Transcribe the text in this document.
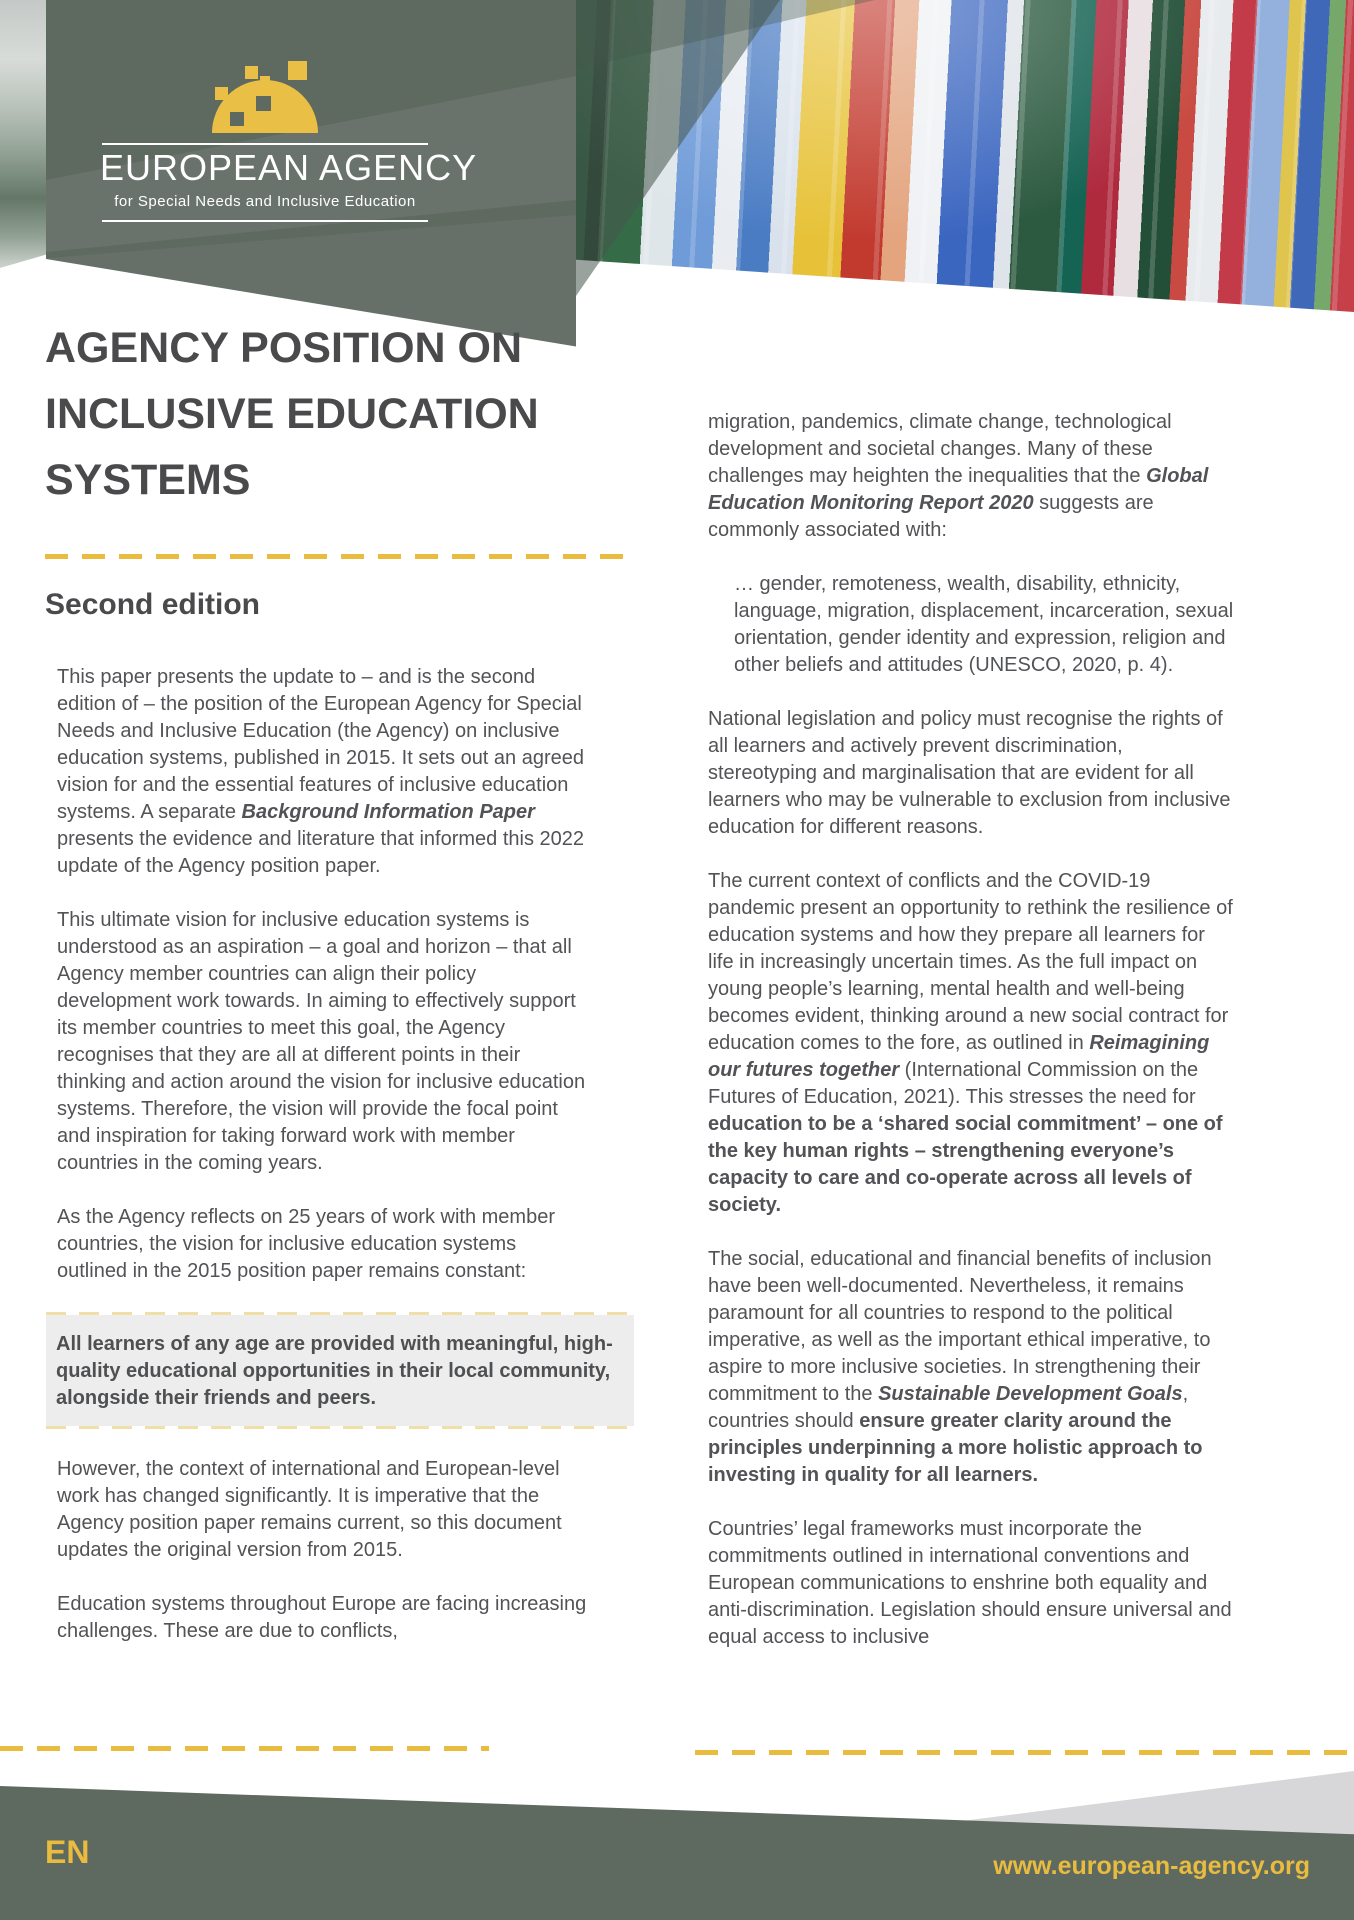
EUROPEAN AGENCY
for Special Needs and Inclusive Education
AGENCY POSITION ON
INCLUSIVE EDUCATION
SYSTEMS
Second edition

This paper presents the update to – and is the second edition of – the position of the European Agency for Special Needs and Inclusive Education (the Agency) on inclusive education systems, published in 2015. It sets out an agreed vision for and the essential features of inclusive education systems. A separate Background Information Paper presents the evidence and literature that informed this 2022 update of the Agency position paper.

This ultimate vision for inclusive education systems is understood as an aspiration – a goal and horizon – that all Agency member countries can align their policy development work towards. In aiming to effectively support its member countries to meet this goal, the Agency recognises that they are all at different points in their thinking and action around the vision for inclusive education systems. Therefore, the vision will provide the focal point and inspiration for taking forward work with member countries in the coming years.

As the Agency reflects on 25 years of work with member countries, the vision for inclusive education systems outlined in the 2015 position paper remains constant:

All learners of any age are provided with meaningful, high-quality educational opportunities in their local community, alongside their friends and peers.

However, the context of international and European-level work has changed significantly. It is imperative that the Agency position paper remains current, so this document updates the original version from 2015.

Education systems throughout Europe are facing increasing challenges. These are due to conflicts,

migration, pandemics, climate change, technological development and societal changes. Many of these challenges may heighten the inequalities that the Global Education Monitoring Report 2020 suggests are commonly associated with:

… gender, remoteness, wealth, disability, ethnicity, language, migration, displacement, incarceration, sexual orientation, gender identity and expression, religion and other beliefs and attitudes (UNESCO, 2020, p. 4).

National legislation and policy must recognise the rights of all learners and actively prevent discrimination, stereotyping and marginalisation that are evident for all learners who may be vulnerable to exclusion from inclusive education for different reasons.

The current context of conflicts and the COVID-19 pandemic present an opportunity to rethink the resilience of education systems and how they prepare all learners for life in increasingly uncertain times. As the full impact on young people’s learning, mental health and well-being becomes evident, thinking around a new social contract for education comes to the fore, as outlined in Reimagining our futures together (International Commission on the Futures of Education, 2021). This stresses the need for education to be a ‘shared social commitment’ – one of the key human rights – strengthening everyone’s capacity to care and co-operate across all levels of society.

The social, educational and financial benefits of inclusion have been well-documented. Nevertheless, it remains paramount for all countries to respond to the political imperative, as well as the important ethical imperative, to aspire to more inclusive societies. In strengthening their commitment to the Sustainable Development Goals, countries should ensure greater clarity around the principles underpinning a more holistic approach to investing in quality for all learners.

Countries’ legal frameworks must incorporate the commitments outlined in international conventions and European communications to enshrine both equality and anti-discrimination. Legislation should ensure universal and equal access to inclusive

EN	www.european-agency.org
